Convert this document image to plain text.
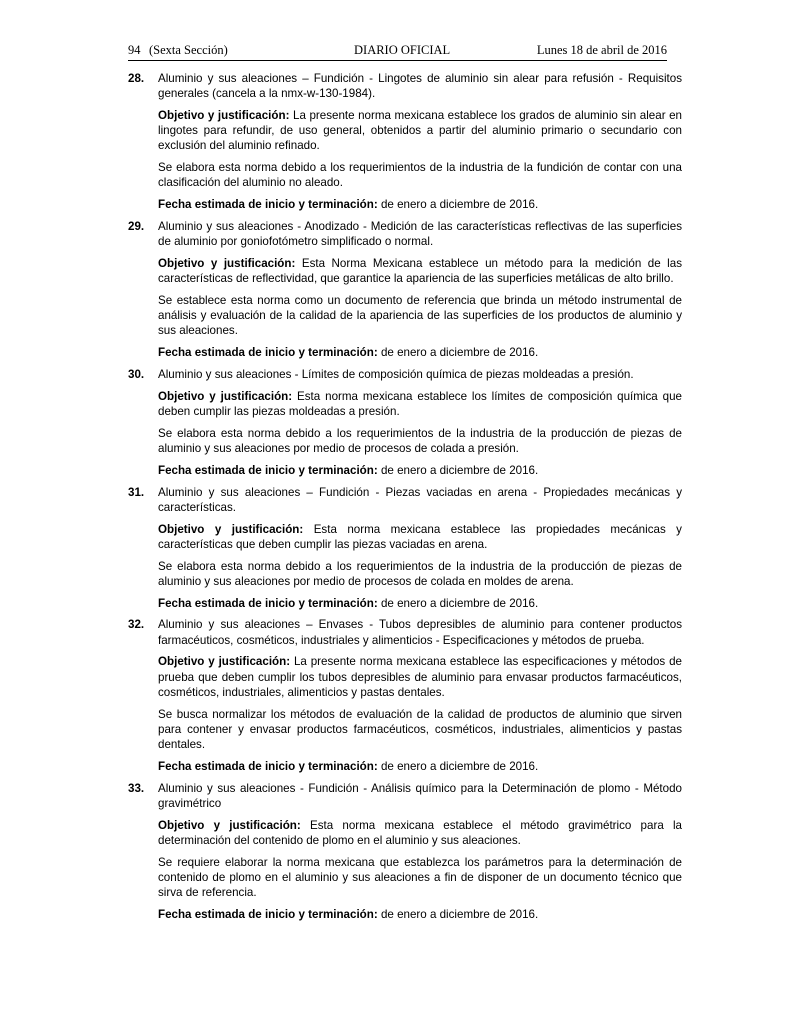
94 (Sexta Sección)	DIARIO OFICIAL	Lunes 18 de abril de 2016
28. Aluminio y sus aleaciones – Fundición - Lingotes de aluminio sin alear para refusión - Requisitos generales (cancela a la nmx-w-130-1984).

Objetivo y justificación: La presente norma mexicana establece los grados de aluminio sin alear en lingotes para refundir, de uso general, obtenidos a partir del aluminio primario o secundario con exclusión del aluminio refinado.

Se elabora esta norma debido a los requerimientos de la industria de la fundición de contar con una clasificación del aluminio no aleado.

Fecha estimada de inicio y terminación: de enero a diciembre de 2016.

29. Aluminio y sus aleaciones - Anodizado - Medición de las características reflectivas de las superficies de aluminio por goniofotómetro simplificado o normal.

Objetivo y justificación: Esta Norma Mexicana establece un método para la medición de las características de reflectividad, que garantice la apariencia de las superficies metálicas de alto brillo.

Se establece esta norma como un documento de referencia que brinda un método instrumental de análisis y evaluación de la calidad de la apariencia de las superficies de los productos de aluminio y sus aleaciones.

Fecha estimada de inicio y terminación: de enero a diciembre de 2016.

30. Aluminio y sus aleaciones - Límites de composición química de piezas moldeadas a presión.

Objetivo y justificación: Esta norma mexicana establece los límites de composición química que deben cumplir las piezas moldeadas a presión.

Se elabora esta norma debido a los requerimientos de la industria de la producción de piezas de aluminio y sus aleaciones por medio de procesos de colada a presión.

Fecha estimada de inicio y terminación: de enero a diciembre de 2016.

31. Aluminio y sus aleaciones – Fundición - Piezas vaciadas en arena - Propiedades mecánicas y características.

Objetivo y justificación: Esta norma mexicana establece las propiedades mecánicas y características que deben cumplir las piezas vaciadas en arena.

Se elabora esta norma debido a los requerimientos de la industria de la producción de piezas de aluminio y sus aleaciones por medio de procesos de colada en moldes de arena.

Fecha estimada de inicio y terminación: de enero a diciembre de 2016.

32. Aluminio y sus aleaciones – Envases - Tubos depresibles de aluminio para contener productos farmacéuticos, cosméticos, industriales y alimenticios - Especificaciones y métodos de prueba.

Objetivo y justificación: La presente norma mexicana establece las especificaciones y métodos de prueba que deben cumplir los tubos depresibles de aluminio para envasar productos farmacéuticos, cosméticos, industriales, alimenticios y pastas dentales.

Se busca normalizar los métodos de evaluación de la calidad de productos de aluminio que sirven para contener y envasar productos farmacéuticos, cosméticos, industriales, alimenticios y pastas dentales.

Fecha estimada de inicio y terminación: de enero a diciembre de 2016.

33. Aluminio y sus aleaciones - Fundición - Análisis químico para la Determinación de plomo - Método gravimétrico

Objetivo y justificación: Esta norma mexicana establece el método gravimétrico para la determinación del contenido de plomo en el aluminio y sus aleaciones.

Se requiere elaborar la norma mexicana que establezca los parámetros para la determinación de contenido de plomo en el aluminio y sus aleaciones a fin de disponer de un documento técnico que sirva de referencia.

Fecha estimada de inicio y terminación: de enero a diciembre de 2016.
